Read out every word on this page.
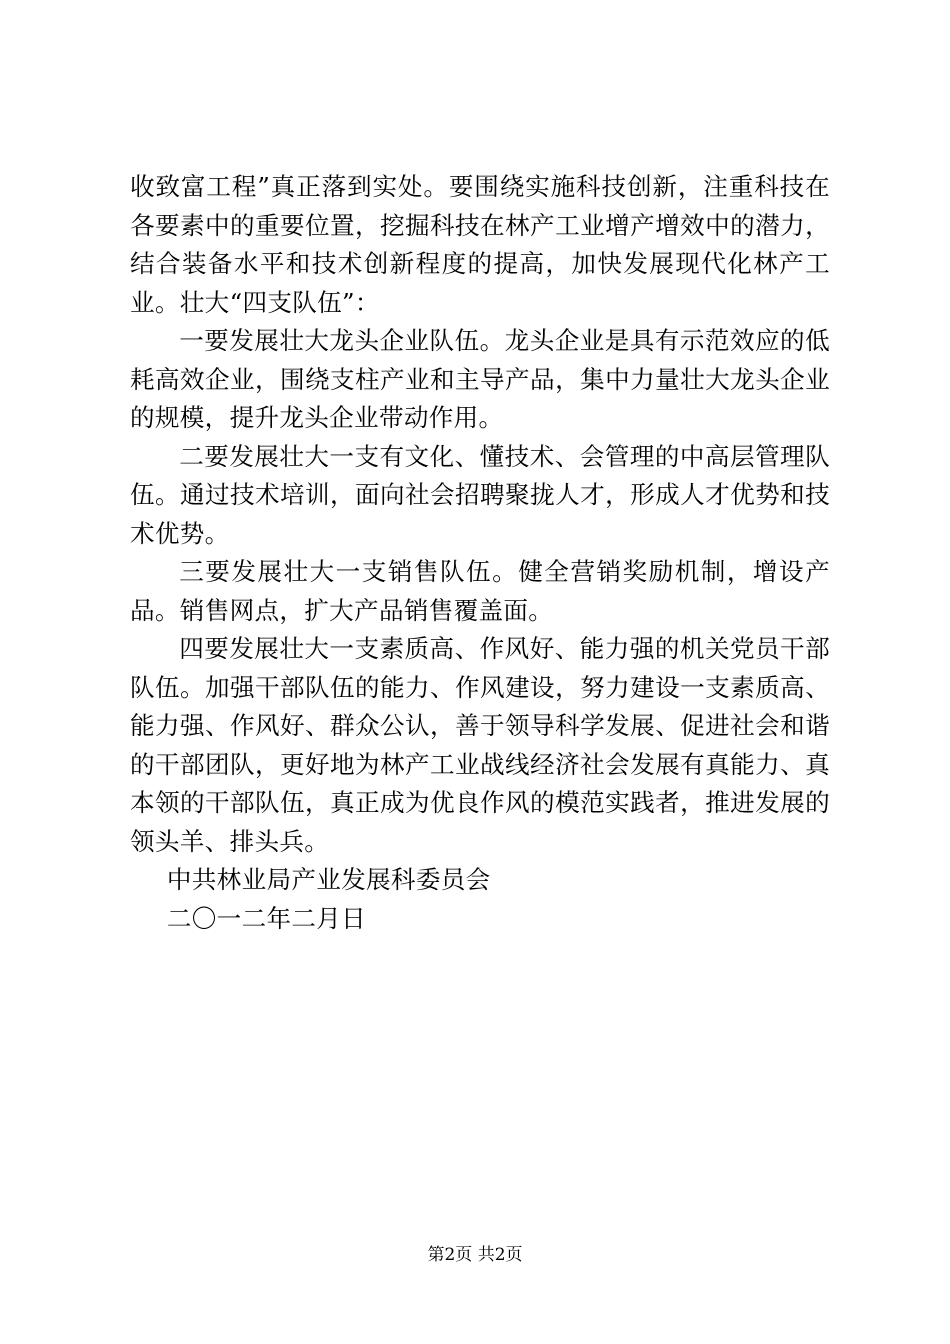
收致富工程”真正落到实处。要围绕实施科技创新，注重科技在各要素中的重要位置，挖掘科技在林产工业增产增效中的潜力，结合装备水平和技术创新程度的提高，加快发展现代化林产工业。壮大“四支队伍”：

一要发展壮大龙头企业队伍。龙头企业是具有示范效应的低耗高效企业，围绕支柱产业和主导产品，集中力量壮大龙头企业的规模，提升龙头企业带动作用。

二要发展壮大一支有文化、懂技术、会管理的中高层管理队伍。通过技术培训，面向社会招聘聚拢人才，形成人才优势和技术优势。

三要发展壮大一支销售队伍。健全营销奖励机制，增设产品。销售网点，扩大产品销售覆盖面。

四要发展壮大一支素质高、作风好、能力强的机关党员干部队伍。加强干部队伍的能力、作风建设，努力建设一支素质高、能力强、作风好、群众公认，善于领导科学发展、促进社会和谐的干部团队，更好地为林产工业战线经济社会发展有真能力、真本领的干部队伍，真正成为优良作风的模范实践者，推进发展的领头羊、排头兵。

中共林业局产业发展科委员会

二〇一二年二月日

第2页 共2页
